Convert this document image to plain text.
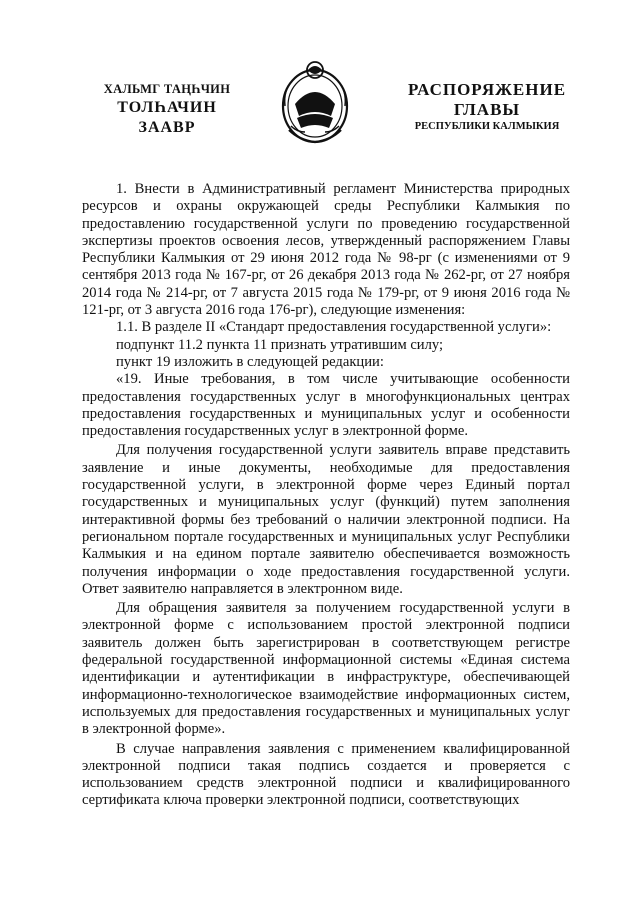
ХАЛЬМГ ТАҢҺЧИН
ТОЛҺАЧИН
ЗААВР
РАСПОРЯЖЕНИЕ
ГЛАВЫ
РЕСПУБЛИКИ КАЛМЫКИЯ

1. Внести в Административный регламент Министерства природных ресурсов и охраны окружающей среды Республики Калмыкия по предоставлению государственной услуги по проведению государственной экспертизы проектов освоения лесов, утвержденный распоряжением Главы Республики Калмыкия от 29 июня 2012 года № 98-рг (с изменениями от 9 сентября 2013 года № 167-рг, от 26 декабря 2013 года № 262-рг, от 27 ноября 2014 года № 214-рг, от 7 августа 2015 года № 179-рг, от 9 июня 2016 года № 121-рг, от 3 августа 2016 года 176-рг), следующие изменения:

1.1. В разделе II «Стандарт предоставления государственной услуги»:

подпункт 11.2 пункта 11 признать утратившим силу;

пункт 19 изложить в следующей редакции:

«19. Иные требования, в том числе учитывающие особенности предоставления государственных услуг в многофункциональных центрах предоставления государственных и муниципальных услуг и особенности предоставления государственных услуг в электронной форме.

Для получения государственной услуги заявитель вправе представить заявление и иные документы, необходимые для предоставления государственной услуги, в электронной форме через Единый портал государственных и муниципальных услуг (функций) путем заполнения интерактивной формы без требований о наличии электронной подписи. На региональном портале государственных и муниципальных услуг Республики Калмыкия и на едином портале заявителю обеспечивается возможность получения информации о ходе предоставления государственной услуги. Ответ заявителю направляется в электронном виде.

Для обращения заявителя за получением государственной услуги в электронной форме с использованием простой электронной подписи заявитель должен быть зарегистрирован в соответствующем регистре федеральной государственной информационной системы «Единая система идентификации и аутентификации в инфраструктуре, обеспечивающей информационно-технологическое взаимодействие информационных систем, используемых для предоставления государственных и муниципальных услуг в электронной форме».

В случае направления заявления с применением квалифицированной электронной подписи такая подпись создается и проверяется с использованием средств электронной подписи и квалифицированного сертификата ключа проверки электронной подписи, соответствующих
